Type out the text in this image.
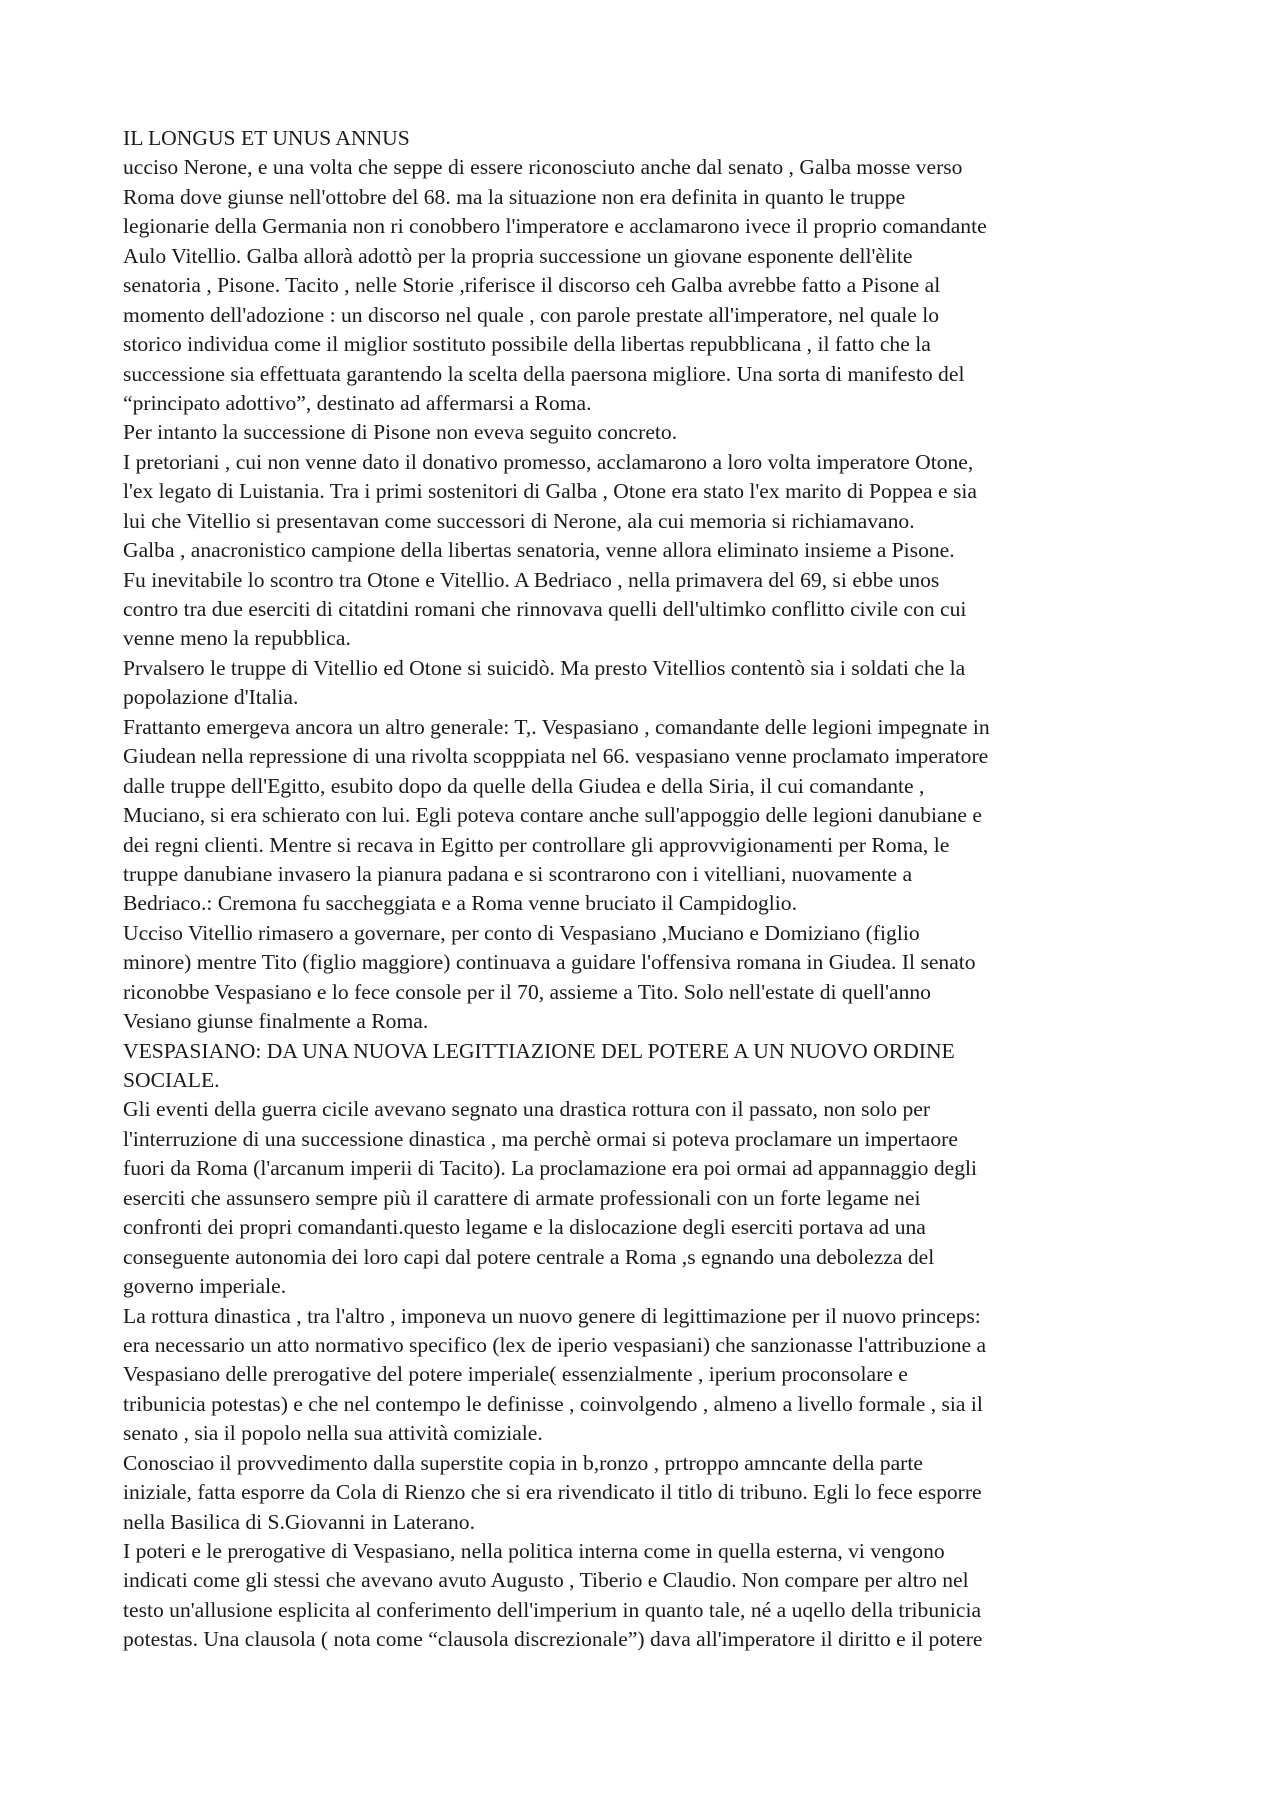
IL LONGUS ET UNUS ANNUS
ucciso Nerone, e una volta che seppe di essere riconosciuto anche dal senato , Galba mosse verso
Roma dove giunse nell'ottobre del 68. ma la situazione non era definita in quanto le truppe
legionarie della Germania non ri conobbero l'imperatore e acclamarono ivece il proprio comandante
Aulo Vitellio. Galba allorà adottò per la propria successione un giovane esponente dell'èlite
senatoria , Pisone. Tacito , nelle Storie ,riferisce il discorso ceh Galba avrebbe fatto a Pisone al
momento dell'adozione : un discorso nel quale , con parole prestate all'imperatore, nel quale lo
storico individua come il miglior sostituto possibile della libertas repubblicana , il fatto che la
successione sia effettuata garantendo la scelta della paersona migliore. Una sorta di manifesto del
“principato adottivo”, destinato ad affermarsi a Roma.
Per intanto la successione di Pisone non eveva seguito concreto.
I pretoriani , cui non venne dato il donativo promesso, acclamarono a loro volta imperatore Otone,
l'ex legato di Luistania. Tra i primi sostenitori di Galba , Otone era stato l'ex marito di Poppea e sia
lui che Vitellio si presentavan come successori di Nerone, ala cui memoria si richiamavano.
Galba , anacronistico campione della libertas senatoria, venne allora eliminato insieme a Pisone.
Fu inevitabile lo scontro tra Otone e Vitellio. A Bedriaco , nella primavera del 69, si ebbe unos
contro tra due eserciti di citatdini romani che rinnovava quelli dell'ultimko conflitto civile con cui
venne meno la repubblica.
Prvalsero le truppe di Vitellio ed Otone si suicidò. Ma presto Vitellios contentò sia i soldati che la
popolazione d'Italia.
Frattanto emergeva ancora un altro generale: T,. Vespasiano , comandante delle legioni impegnate in
Giudean nella repressione di una rivolta scopppiata nel 66. vespasiano venne proclamato imperatore
dalle truppe dell'Egitto, esubito dopo da quelle della Giudea e della Siria, il cui comandante ,
Muciano, si era schierato con lui. Egli poteva contare anche sull'appoggio delle legioni danubiane e
dei regni clienti. Mentre si recava in Egitto per controllare gli approvvigionamenti per Roma, le
truppe danubiane invasero la pianura padana e si scontrarono con i vitelliani, nuovamente a
Bedriaco.: Cremona fu saccheggiata e a Roma venne bruciato il Campidoglio.
Ucciso Vitellio rimasero a governare, per conto di Vespasiano ,Muciano e Domiziano (figlio
minore) mentre Tito (figlio maggiore) continuava a guidare l'offensiva romana in Giudea. Il senato
riconobbe Vespasiano e lo fece console per il 70, assieme a Tito. Solo nell'estate di quell'anno
Vesiano giunse finalmente a Roma.
VESPASIANO: DA UNA NUOVA LEGITTIAZIONE DEL POTERE A UN NUOVO ORDINE
SOCIALE.
Gli eventi della guerra cicile avevano segnato una drastica rottura con il passato, non solo per
l'interruzione di una successione dinastica , ma perchè ormai si poteva proclamare un impertaore
fuori da Roma (l'arcanum imperii di Tacito). La proclamazione era poi ormai ad appannaggio degli
eserciti che assunsero sempre più il carattere di armate professionali con un forte legame nei
confronti dei propri comandanti.questo legame e la dislocazione degli eserciti portava ad una
conseguente autonomia dei loro capi dal potere centrale a Roma ,s egnando una debolezza del
governo imperiale.
La rottura dinastica , tra l'altro , imponeva un nuovo genere di legittimazione per il nuovo princeps:
era necessario un atto normativo specifico (lex de iperio vespasiani) che sanzionasse l'attribuzione a
Vespasiano delle prerogative del potere imperiale( essenzialmente , iperium proconsolare e
tribunicia potestas) e che nel contempo le definisse , coinvolgendo , almeno a livello formale , sia il
senato , sia il popolo nella sua attività comiziale.
Conosciao il provvedimento dalla superstite copia in b,ronzo , prtroppo amncante della parte
iniziale, fatta esporre da Cola di Rienzo che si era rivendicato il titlo di tribuno. Egli lo fece esporre
nella Basilica di S.Giovanni in Laterano.
I poteri e le prerogative di Vespasiano, nella politica interna come in quella esterna, vi vengono
indicati come gli stessi che avevano avuto Augusto , Tiberio e Claudio. Non compare per altro nel
testo un'allusione esplicita al conferimento dell'imperium in quanto tale, né a uqello della tribunicia
potestas. Una clausola ( nota come “clausola discrezionale”) dava all'imperatore il diritto e il potere
